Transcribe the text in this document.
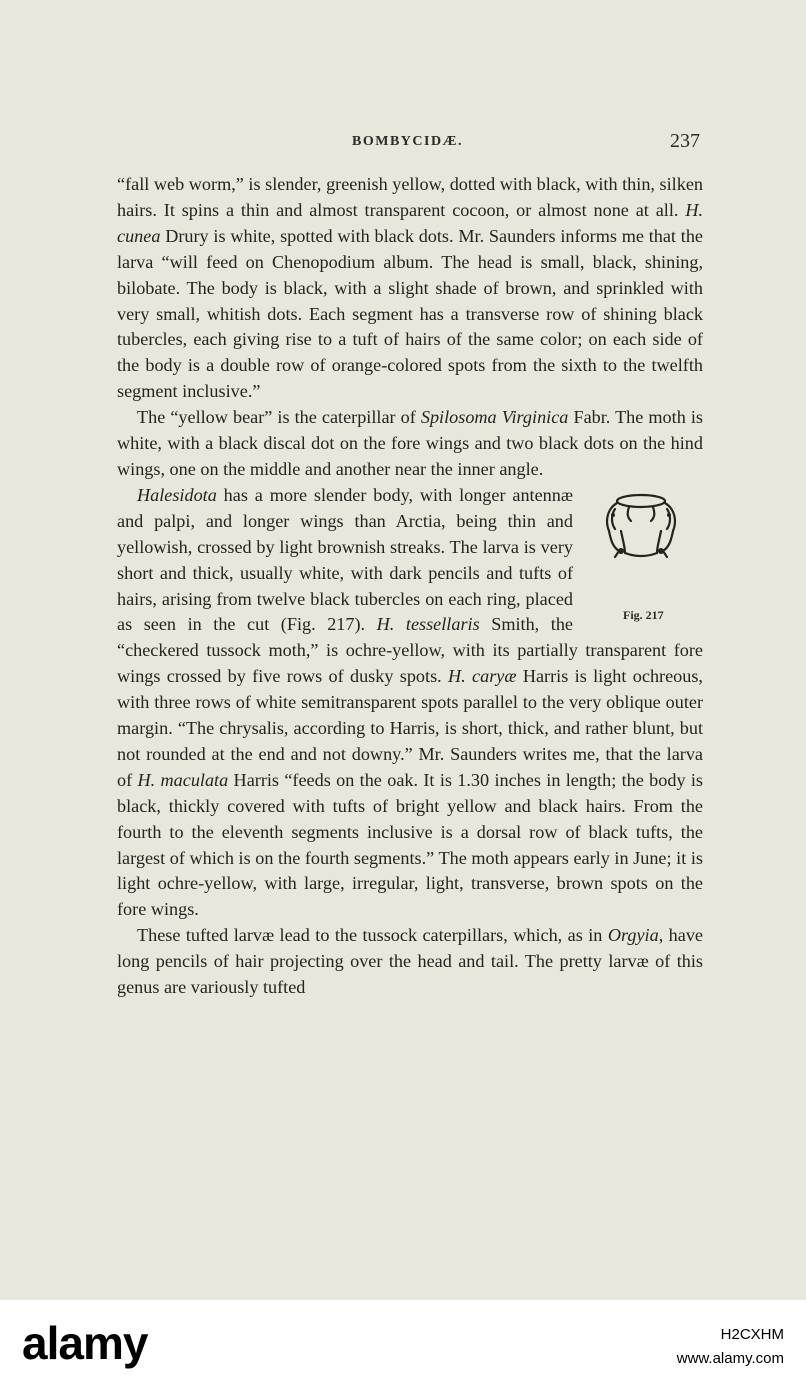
BOMBYCIDÆ.	237

“fall web worm,” is slender, greenish yellow, dotted with black, with thin, silken hairs. It spins a thin and almost transparent cocoon, or almost none at all. H. cunea Drury is white, spotted with black dots. Mr. Saunders informs me that the larva “will feed on Chenopodium album. The head is small, black, shining, bilobate. The body is black, with a slight shade of brown, and sprinkled with very small, whitish dots. Each segment has a transverse row of shining black tubercles, each giving rise to a tuft of hairs of the same color; on each side of the body is a double row of orange-colored spots from the sixth to the twelfth segment inclusive.”

The “yellow bear” is the caterpillar of Spilosoma Virginica Fabr. The moth is white, with a black discal dot on the fore wings and two black dots on the hind wings, one on the middle and another near the inner angle.

Fig. 217
Halesidota has a more slender body, with longer antennæ and palpi, and longer wings than Arctia, being thin and yellowish, crossed by light brownish streaks. The larva is very short and thick, usually white, with dark pencils and tufts of hairs, arising from twelve black tubercles on each ring, placed as seen in the cut (Fig. 217). H. tessellaris Smith, the “checkered tussock moth,” is ochre-yellow, with its partially transparent fore wings crossed by five rows of dusky spots. H. caryæ Harris is light ochreous, with three rows of white semitransparent spots parallel to the very oblique outer margin. “The chrysalis, according to Harris, is short, thick, and rather blunt, but not rounded at the end and not downy.” Mr. Saunders writes me, that the larva of H. maculata Harris “feeds on the oak. It is 1.30 inches in length; the body is black, thickly covered with tufts of bright yellow and black hairs. From the fourth to the eleventh segments inclusive is a dorsal row of black tufts, the largest of which is on the fourth segments.” The moth appears early in June; it is light ochre-yellow, with large, irregular, light, transverse, brown spots on the fore wings.

These tufted larvæ lead to the tussock caterpillars, which, as in Orgyia, have long pencils of hair projecting over the head and tail. The pretty larvæ of this genus are variously tufted

alamy	H2CXHM
www.alamy.com
